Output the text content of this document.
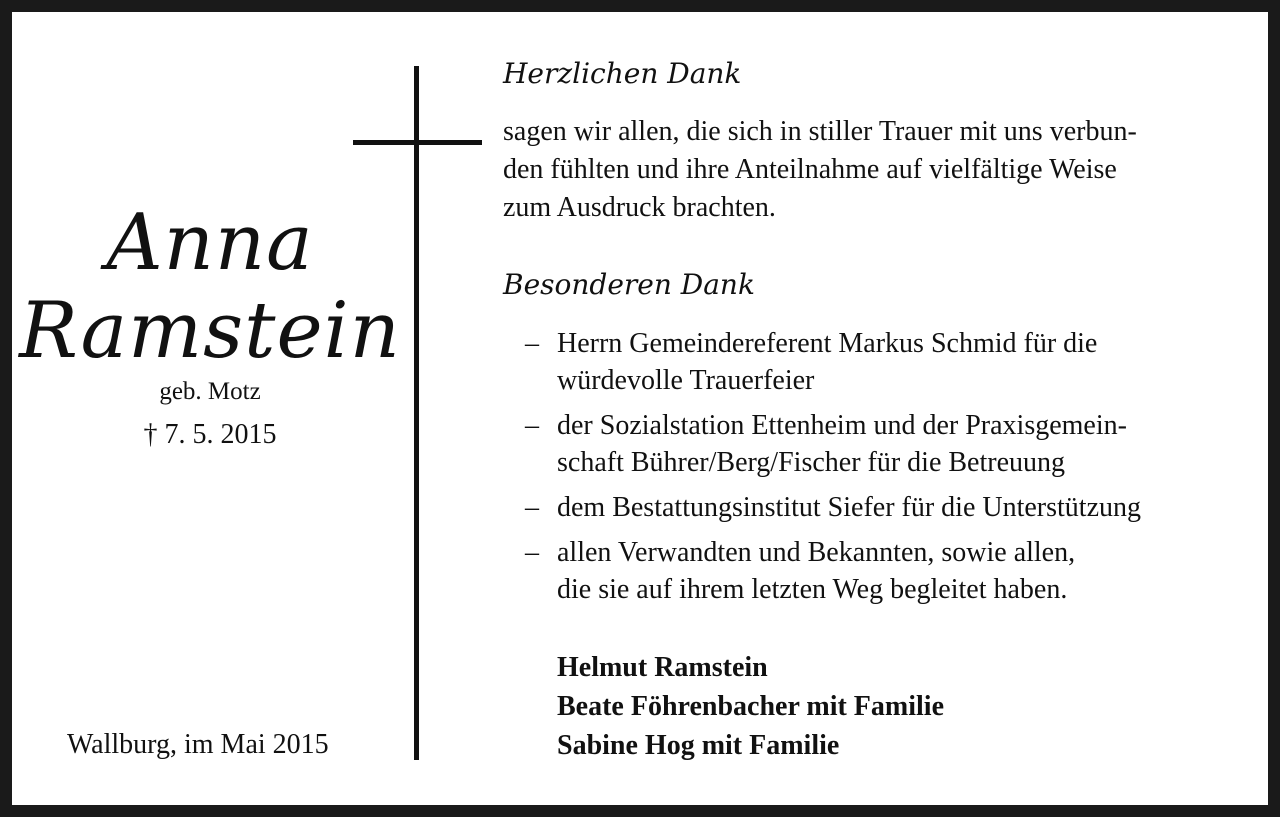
Anna
Ramstein
geb. Motz
† 7. 5. 2015
Wallburg, im Mai 2015
Herzlichen Dank
sagen wir allen, die sich in stiller Trauer mit uns verbun-
den fühlten und ihre Anteilnahme auf vielfältige Weise
zum Ausdruck brachten.
Besonderen Dank
– Herrn Gemeindereferent Markus Schmid für die
würdevolle Trauerfeier
– der Sozialstation Ettenheim und der Praxisgemein-
schaft Bührer/Berg/Fischer für die Betreuung
– dem Bestattungsinstitut Siefer für die Unterstützung
– allen Verwandten und Bekannten, sowie allen,
die sie auf ihrem letzten Weg begleitet haben.
Helmut Ramstein
Beate Föhrenbacher mit Familie
Sabine Hog mit Familie
